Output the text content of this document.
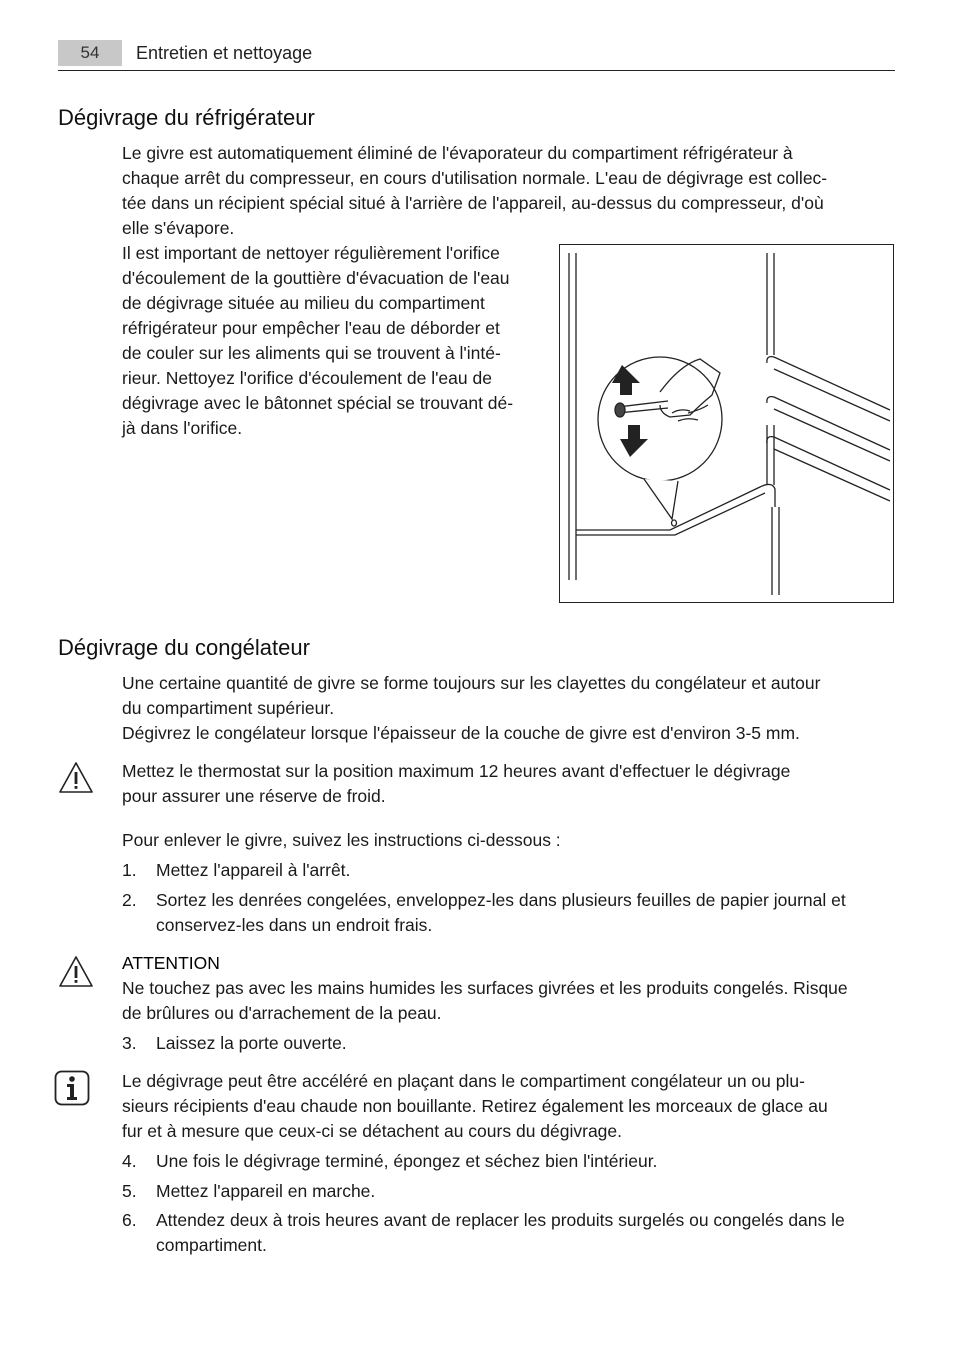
54	Entretien et nettoyage
Dégivrage du réfrigérateur

Le givre est automatiquement éliminé de l'évaporateur du compartiment réfrigérateur à

chaque arrêt du compresseur, en cours d'utilisation normale. L'eau de dégivrage est collec-

tée dans un récipient spécial situé à l'arrière de l'appareil, au-dessus du compresseur, d'où

elle s'évapore.

Il est important de nettoyer régulièrement l'orifice

d'écoulement de la gouttière d'évacuation de l'eau

de dégivrage située au milieu du compartiment

réfrigérateur pour empêcher l'eau de déborder et

de couler sur les aliments qui se trouvent à l'inté-

rieur. Nettoyez l'orifice d'écoulement de l'eau de

dégivrage avec le bâtonnet spécial se trouvant dé-

jà dans l'orifice.

Dégivrage du congélateur

Une certaine quantité de givre se forme toujours sur les clayettes du congélateur et autour

du compartiment supérieur.

Dégivrez le congélateur lorsque l'épaisseur de la couche de givre est d'environ 3-5 mm.

Mettez le thermostat sur la position maximum 12 heures avant d'effectuer le dégivrage

pour assurer une réserve de froid.

Pour enlever le givre, suivez les instructions ci-dessous :
1. Mettez l'appareil à l'arrêt.
2. Sortez les denrées congelées, enveloppez-les dans plusieurs feuilles de papier journal et

conservez-les dans un endroit frais.

ATTENTION

Ne touchez pas avec les mains humides les surfaces givrées et les produits congelés. Risque

de brûlures ou d'arrachement de la peau.

3. Laissez la porte ouverte.

Le dégivrage peut être accéléré en plaçant dans le compartiment congélateur un ou plu-

sieurs récipients d'eau chaude non bouillante. Retirez également les morceaux de glace au

fur et à mesure que ceux-ci se détachent au cours du dégivrage.

4. Une fois le dégivrage terminé, épongez et séchez bien l'intérieur.
5. Mettez l'appareil en marche.
6. Attendez deux à trois heures avant de replacer les produits surgelés ou congelés dans le

compartiment.
